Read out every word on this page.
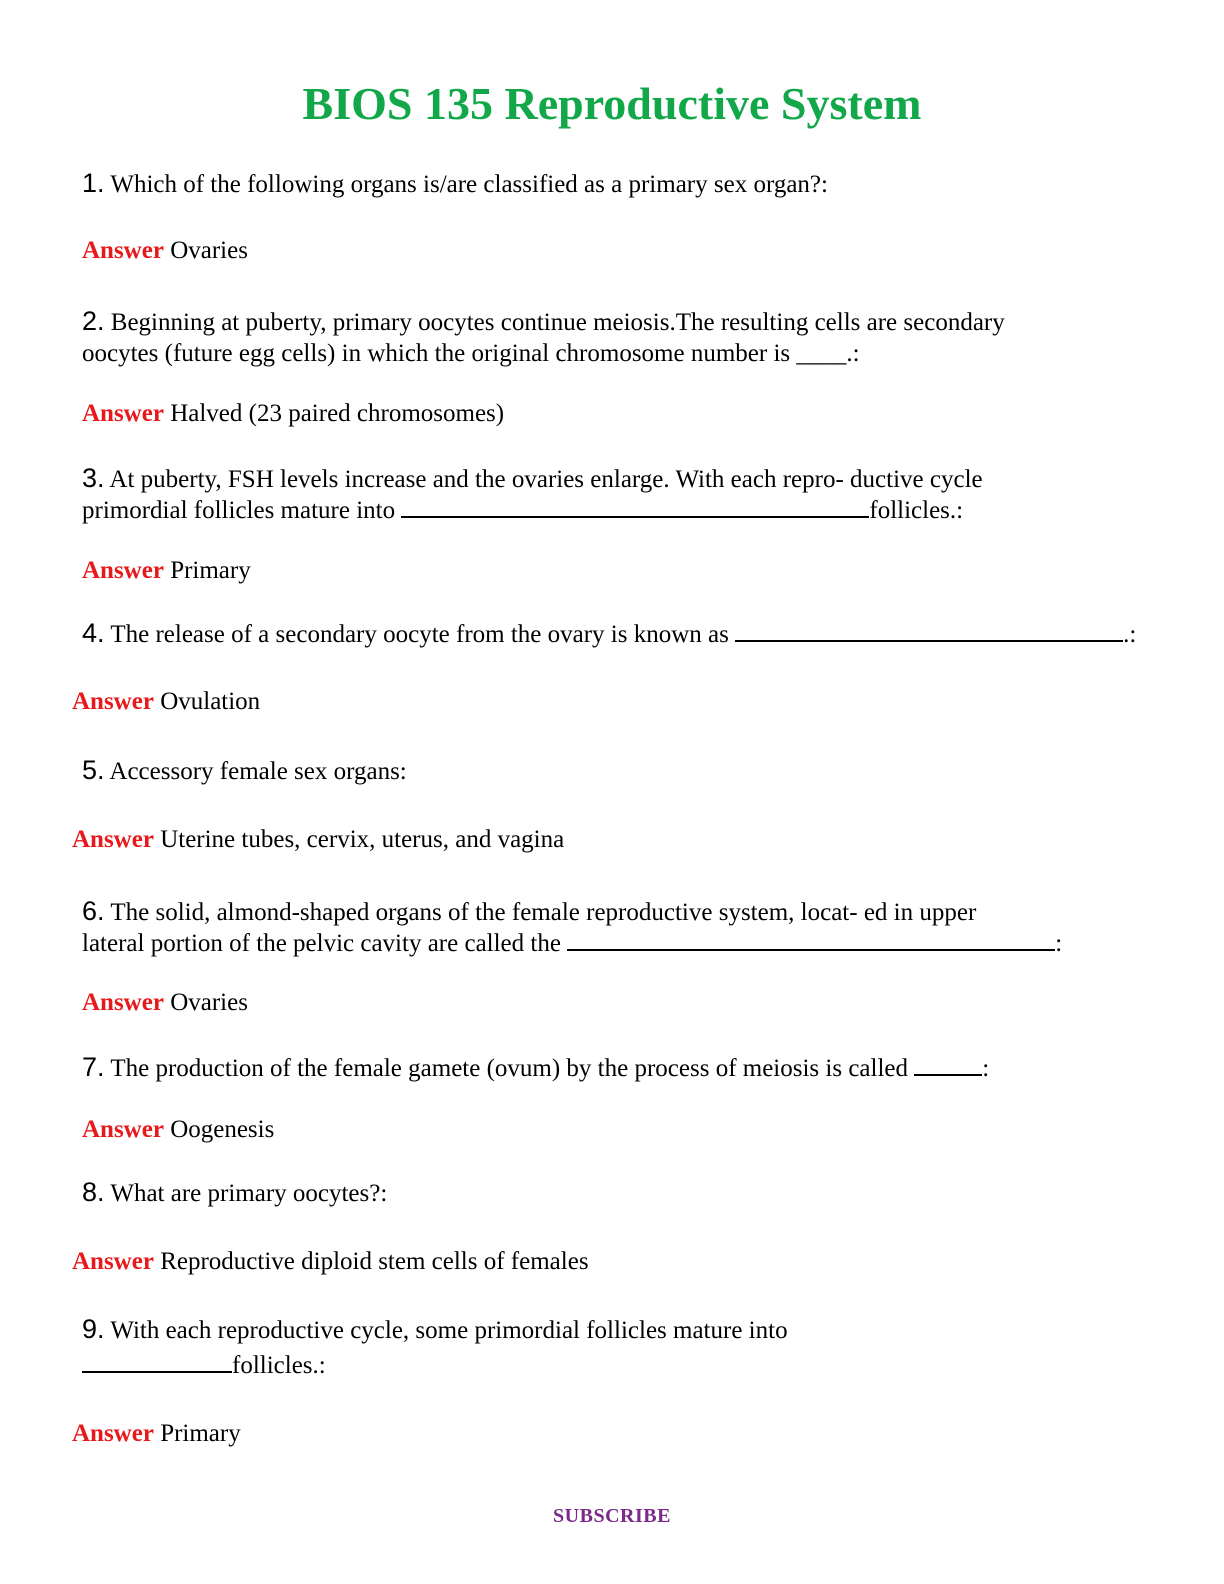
BIOS 135 Reproductive System
1. Which of the following organs is/are classified as a primary sex organ?:
Answer Ovaries
2. Beginning at puberty, primary oocytes continue meiosis.The resulting cells are secondary
oocytes (future egg cells) in which the original chromosome number is ____.:
Answer Halved (23 paired chromosomes)
3. At puberty, FSH levels increase and the ovaries enlarge. With each repro- ductive cycle
primordial follicles mature into	follicles.:
Answer Primary
4. The release of a secondary oocyte from the ovary is known as	.:
Answer Ovulation
5. Accessory female sex organs:
Answer Uterine tubes, cervix, uterus, and vagina
6. The solid, almond-shaped organs of the female reproductive system, locat- ed in upper
lateral portion of the pelvic cavity are called the	:
Answer Ovaries
7. The production of the female gamete (ovum) by the process of meiosis is called	:
Answer Oogenesis
8. What are primary oocytes?:
Answer Reproductive diploid stem cells of females
9. With each reproductive cycle, some primordial follicles mature into
follicles.:
Answer Primary
SUBSCRIBE
